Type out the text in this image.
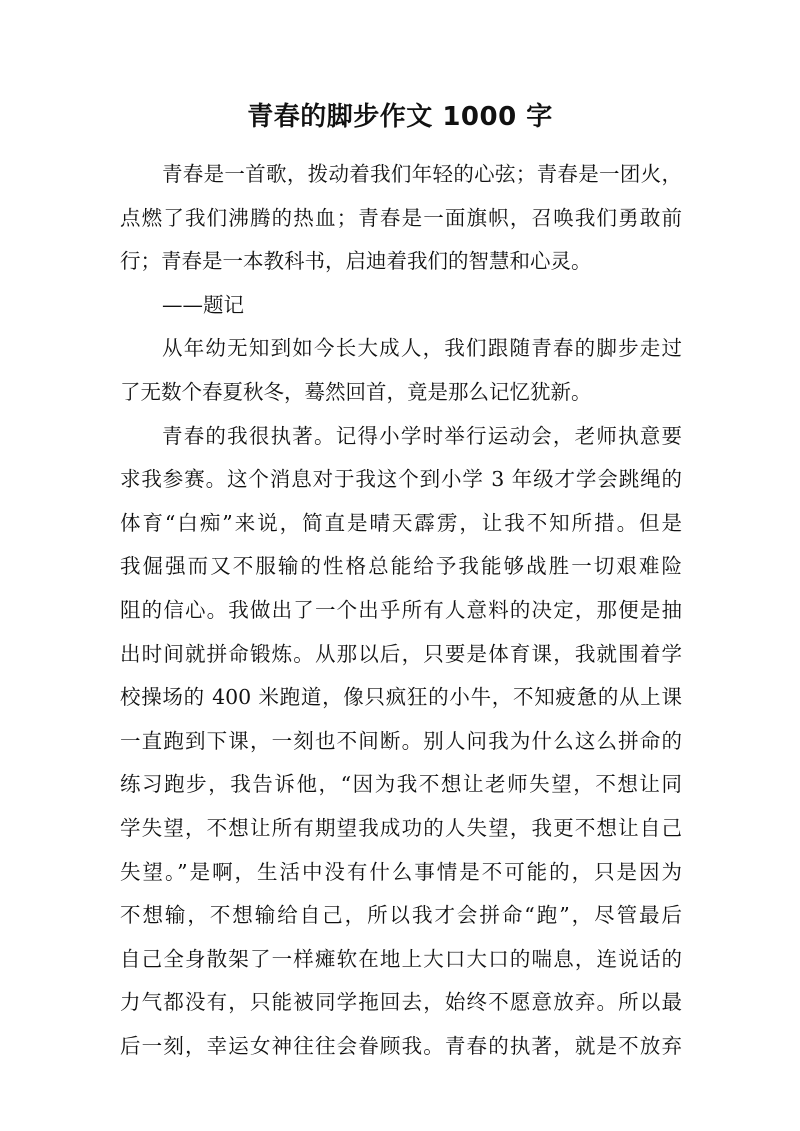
青春的脚步作文 1000 字
青春是一首歌，拨动着我们年轻的心弦；青春是一团火，
点燃了我们沸腾的热血；青春是一面旗帜，召唤我们勇敢前
行；青春是一本教科书，启迪着我们的智慧和心灵。
——题记
从年幼无知到如今长大成人，我们跟随青春的脚步走过
了无数个春夏秋冬，蓦然回首，竟是那么记忆犹新。
青春的我很执著。记得小学时举行运动会，老师执意要
求我参赛。这个消息对于我这个到小学 3 年级才学会跳绳的
体育“白痴”来说，简直是晴天霹雳，让我不知所措。但是
我倔强而又不服输的性格总能给予我能够战胜一切艰难险
阻的信心。我做出了一个出乎所有人意料的决定，那便是抽
出时间就拼命锻炼。从那以后，只要是体育课，我就围着学
校操场的 400 米跑道，像只疯狂的小牛，不知疲惫的从上课
一直跑到下课，一刻也不间断。别人问我为什么这么拼命的
练习跑步，我告诉他，“因为我不想让老师失望，不想让同
学失望，不想让所有期望我成功的人失望，我更不想让自己
失望。”是啊，生活中没有什么事情是不可能的，只是因为
不想输，不想输给自己，所以我才会拼命“跑”，尽管最后
自己全身散架了一样瘫软在地上大口大口的喘息，连说话的
力气都没有，只能被同学拖回去，始终不愿意放弃。所以最
后一刻，幸运女神往往会眷顾我。青春的执著，就是不放弃
